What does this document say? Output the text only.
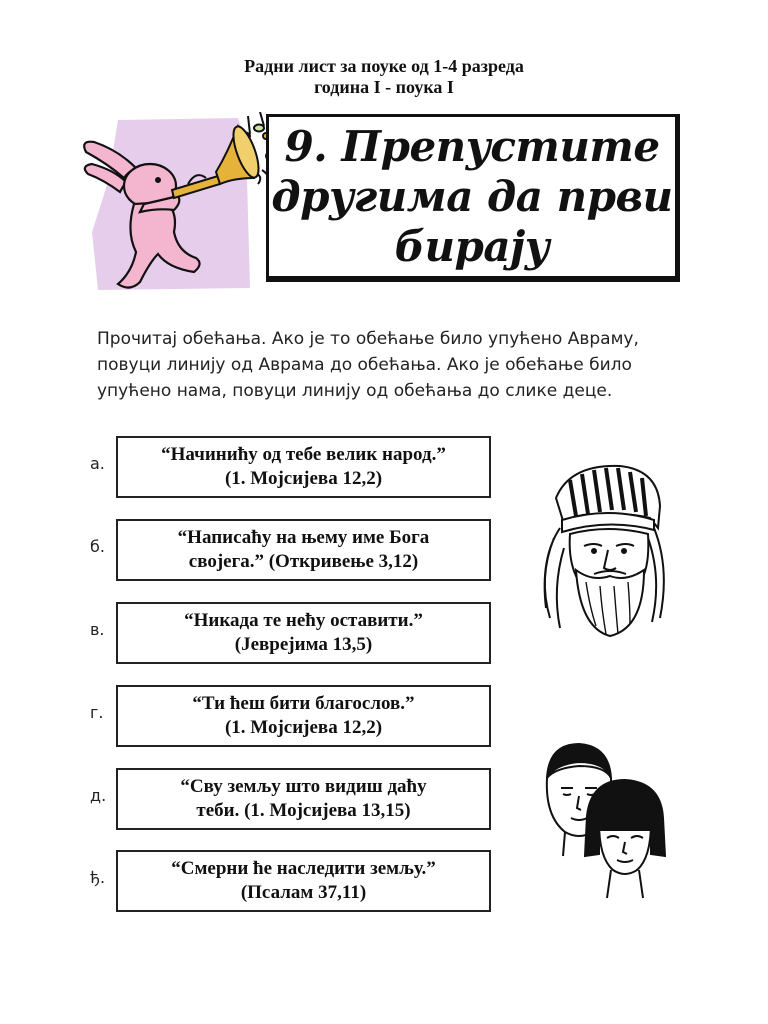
Радни лист за поуке од 1-4 разреда
година I - поука I
9. Препустите
другима да први
бирају
Прочитај обећања. Ако је то обећање било упућено Авраму,
повуци линију од Аврама до обећања. Ако је обећање било
упућено нама, повуци линију од обећања до слике деце.
а.	“Начинићу од тебе велик народ.”
(1. Мојсијева 12,2)
б.	“Написаћу на њему име Бога
својега.” (Откривење 3,12)
в.	“Никада те нећу оставити.”
(Јеврејима 13,5)
г.	“Ти ћеш бити благослов.”
(1. Мојсијева 12,2)
д.	“Сву земљу што видиш даћу
теби. (1. Мојсијева 13,15)
ђ.	“Смерни ће наследити земљу.”
(Псалам 37,11)
